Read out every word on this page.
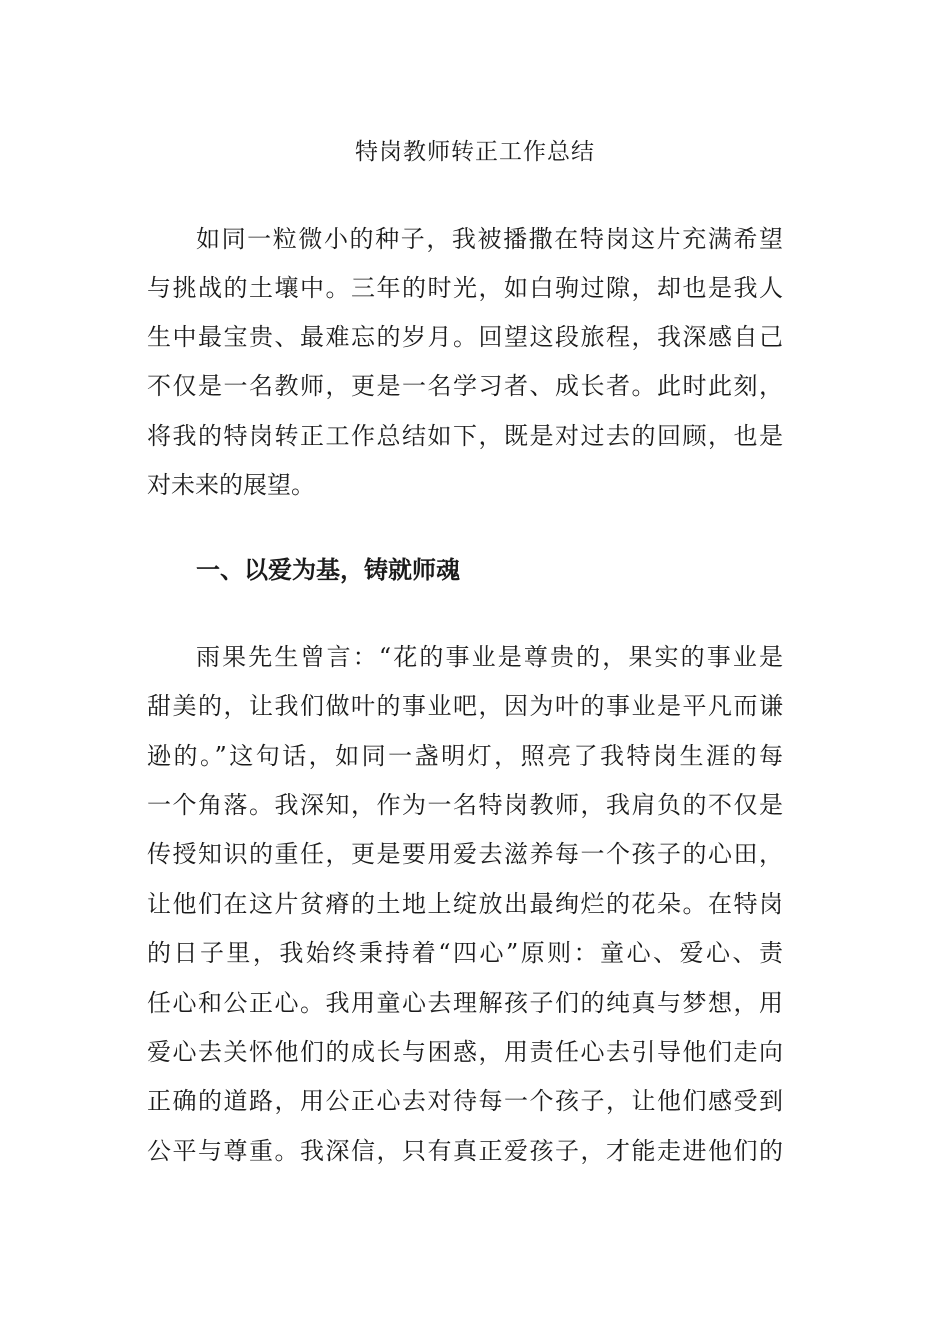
特岗教师转正工作总结
如同一粒微小的种子，我被播撒在特岗这片充满希望
与挑战的土壤中。三年的时光，如白驹过隙，却也是我人
生中最宝贵、最难忘的岁月。回望这段旅程，我深感自己
不仅是一名教师，更是一名学习者、成长者。此时此刻，
将我的特岗转正工作总结如下，既是对过去的回顾，也是
对未来的展望。
一、以爱为基，铸就师魂
雨果先生曾言：“花的事业是尊贵的，果实的事业是
甜美的，让我们做叶的事业吧，因为叶的事业是平凡而谦
逊的。”这句话，如同一盏明灯，照亮了我特岗生涯的每
一个角落。我深知，作为一名特岗教师，我肩负的不仅是
传授知识的重任，更是要用爱去滋养每一个孩子的心田，
让他们在这片贫瘠的土地上绽放出最绚烂的花朵。在特岗
的日子里，我始终秉持着“四心”原则：童心、爱心、责
任心和公正心。我用童心去理解孩子们的纯真与梦想，用
爱心去关怀他们的成长与困惑，用责任心去引导他们走向
正确的道路，用公正心去对待每一个孩子，让他们感受到
公平与尊重。我深信，只有真正爱孩子，才能走进他们的
